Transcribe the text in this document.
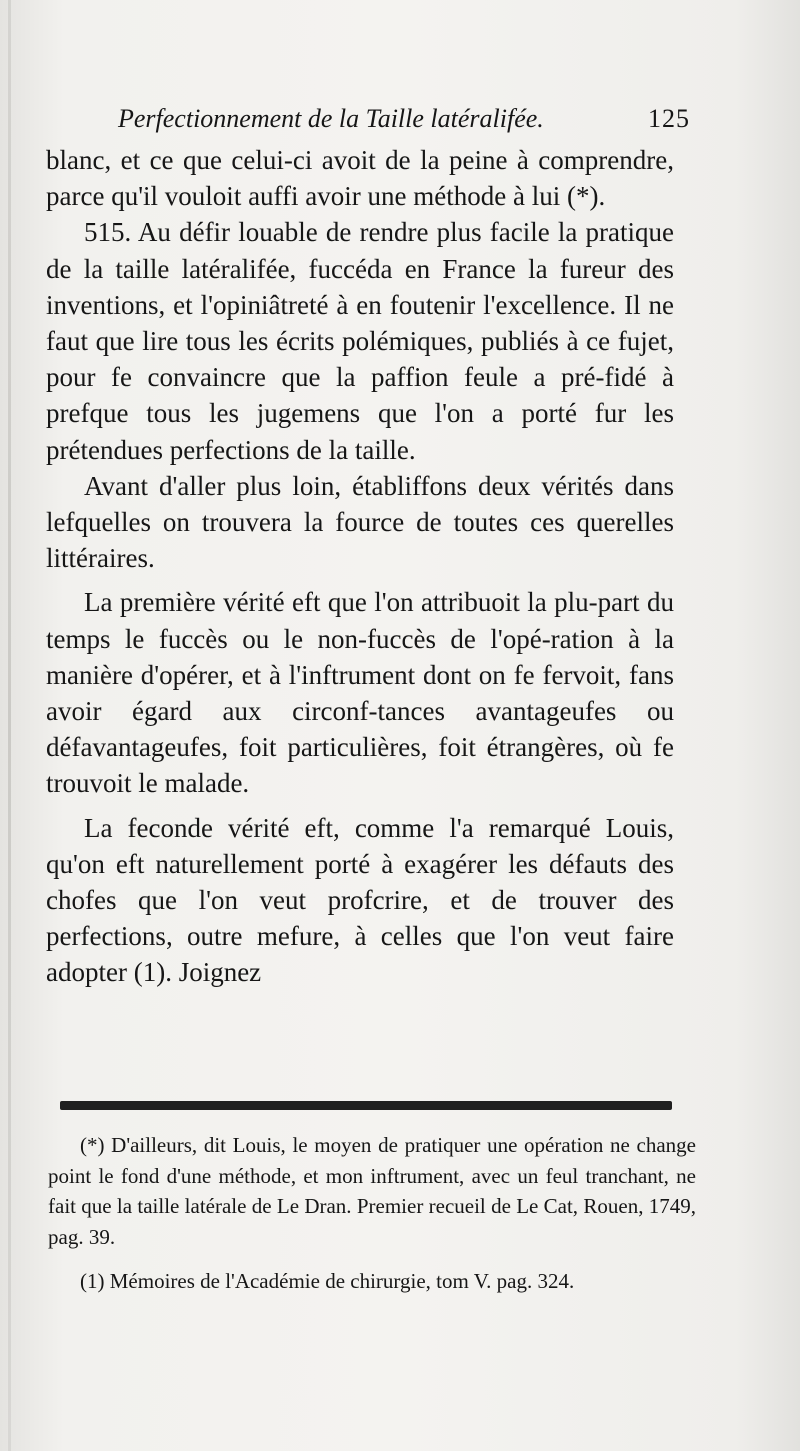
Perfectionnement de la Taille latéralifée.	125

blanc, et ce que celui-ci avoit de la peine à comprendre, parce qu'il vouloit auffi avoir une méthode à lui (*).

515. Au défir louable de rendre plus facile la pratique de la taille latéralifée, fuccéda en France la fureur des inventions, et l'opiniâtreté à en foutenir l'excellence. Il ne faut que lire tous les écrits polémiques, publiés à ce fujet, pour fe convaincre que la paffion feule a pré-fidé à prefque tous les jugemens que l'on a porté fur les prétendues perfections de la taille.

Avant d'aller plus loin, établiffons deux vérités dans lefquelles on trouvera la fource de toutes ces querelles littéraires.

La première vérité eft que l'on attribuoit la plu-part du temps le fuccès ou le non-fuccès de l'opé-ration à la manière d'opérer, et à l'inftrument dont on fe fervoit, fans avoir égard aux circonf-tances avantageufes ou défavantageufes, foit particulières, foit étrangères, où fe trouvoit le malade.

La feconde vérité eft, comme l'a remarqué Louis, qu'on eft naturellement porté à exagérer les défauts des chofes que l'on veut profcrire, et de trouver des perfections, outre mefure, à celles que l'on veut faire adopter (1). Joignez

(*) D'ailleurs, dit Louis, le moyen de pratiquer une opération ne change point le fond d'une méthode, et mon inftrument, avec un feul tranchant, ne fait que la taille latérale de Le Dran. Premier recueil de Le Cat, Rouen, 1749, pag. 39.

(1) Mémoires de l'Académie de chirurgie, tom V. pag. 324.
